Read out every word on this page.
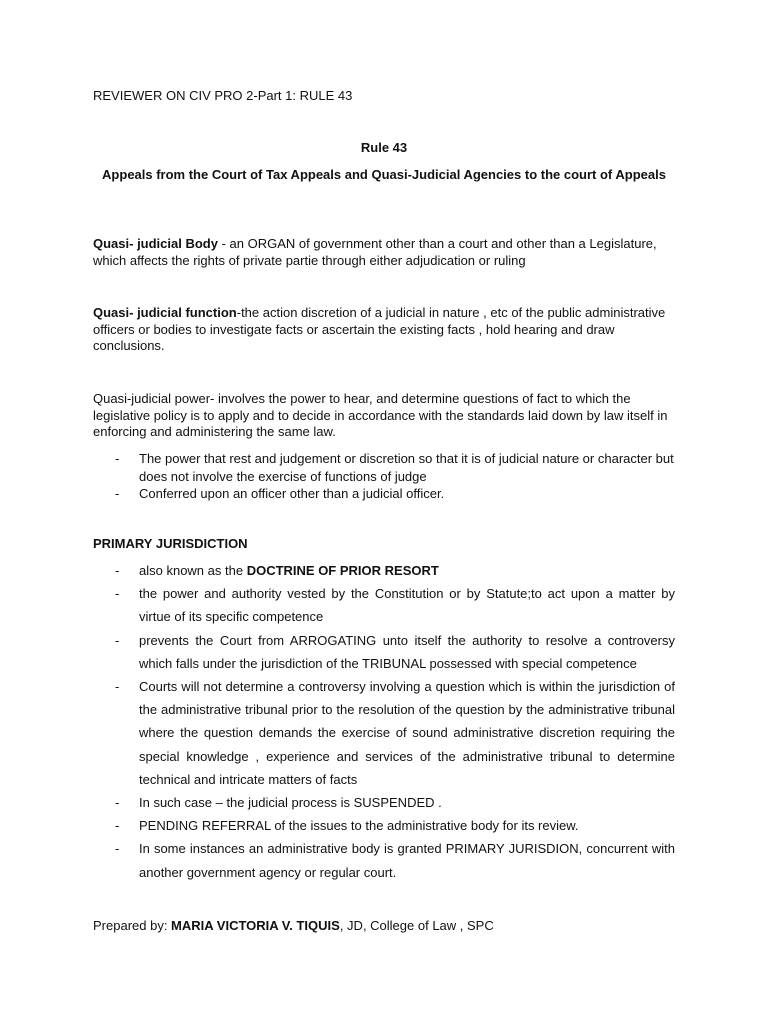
REVIEWER ON CIV PRO 2-Part 1: RULE 43
Rule 43
Appeals from the Court of Tax Appeals and Quasi-Judicial Agencies to the court of Appeals
Quasi- judicial Body - an ORGAN of government other than a court and other than a Legislature, which affects the rights of private partie through either adjudication or ruling
Quasi- judicial function-the action discretion of a judicial in nature , etc of the public administrative officers or bodies to investigate facts or ascertain the existing facts , hold hearing and draw conclusions.
Quasi-judicial power- involves the power to hear, and determine questions of fact to which the legislative policy is to apply and to decide in accordance with the standards laid down by law itself in enforcing and administering the same law.
- The power that rest and judgement or discretion so that it is of judicial nature or character but does not involve the exercise of functions of judge
- Conferred upon an officer other than a judicial officer.
PRIMARY JURISDICTION
- also known as the DOCTRINE OF PRIOR RESORT
- the power and authority vested by the Constitution or by Statute;to act upon a matter by virtue of its specific competence
- prevents the Court from ARROGATING unto itself the authority to resolve a controversy which falls under the jurisdiction of the TRIBUNAL possessed with special competence
- Courts will not determine a controversy involving a question which is within the jurisdiction of the administrative tribunal prior to the resolution of the question by the administrative tribunal where the question demands the exercise of sound administrative discretion requiring the special knowledge , experience and services of the administrative tribunal to determine technical and intricate matters of facts
- In such case – the judicial process is SUSPENDED .
- PENDING REFERRAL of the issues to the administrative body for its review.
- In some instances an administrative body is granted PRIMARY JURISDION, concurrent with another government agency or regular court.
Prepared by: MARIA VICTORIA V. TIQUIS, JD, College of Law , SPC
